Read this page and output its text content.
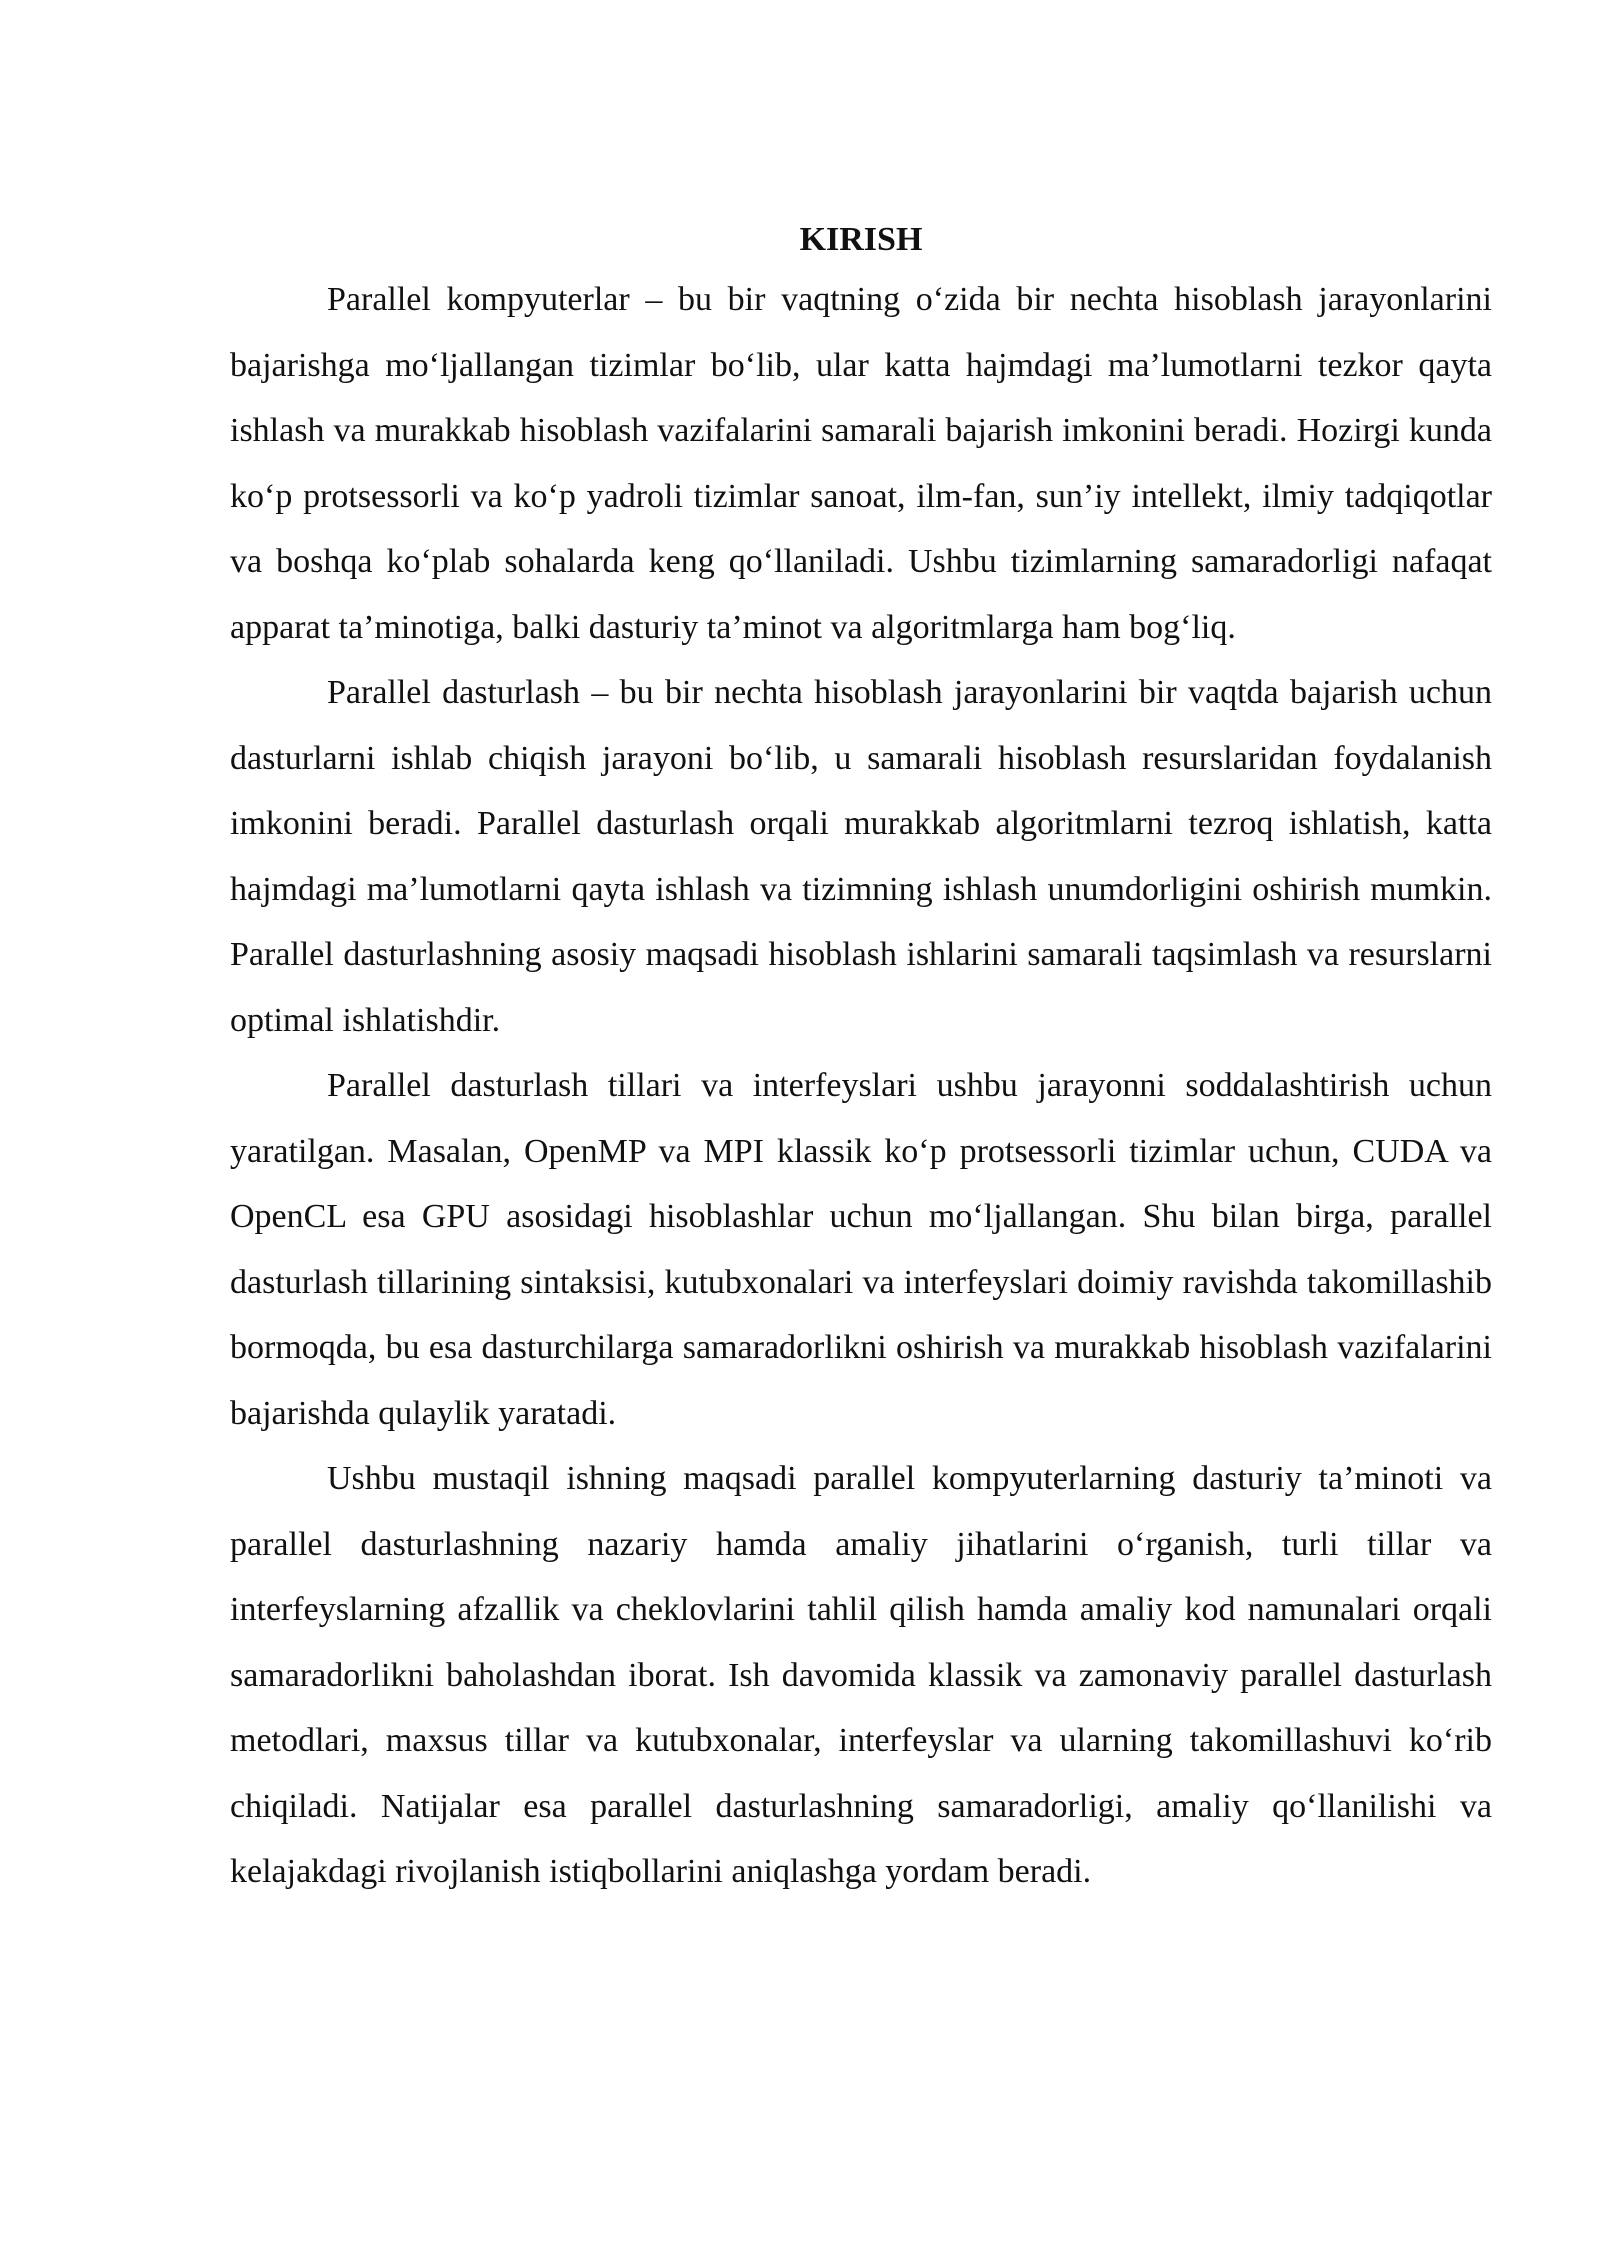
KIRISH

Parallel kompyuterlar – bu bir vaqtning o‘zida bir nechta hisoblash jarayonlarini bajarishga mo‘ljallangan tizimlar bo‘lib, ular katta hajmdagi ma’lumotlarni tezkor qayta ishlash va murakkab hisoblash vazifalarini samarali bajarish imkonini beradi. Hozirgi kunda ko‘p protsessorli va ko‘p yadroli tizimlar sanoat, ilm-fan, sun’iy intellekt, ilmiy tadqiqotlar va boshqa ko‘plab sohalarda keng qo‘llaniladi. Ushbu tizimlarning samaradorligi nafaqat apparat ta’minotiga, balki dasturiy ta’minot va algoritmlarga ham bog‘liq.

Parallel dasturlash – bu bir nechta hisoblash jarayonlarini bir vaqtda bajarish uchun dasturlarni ishlab chiqish jarayoni bo‘lib, u samarali hisoblash resurslaridan foydalanish imkonini beradi. Parallel dasturlash orqali murakkab algoritmlarni tezroq ishlatish, katta hajmdagi ma’lumotlarni qayta ishlash va tizimning ishlash unumdorligini oshirish mumkin. Parallel dasturlashning asosiy maqsadi hisoblash ishlarini samarali taqsimlash va resurslarni optimal ishlatishdir.

Parallel dasturlash tillari va interfeyslari ushbu jarayonni soddalashtirish uchun yaratilgan. Masalan, OpenMP va MPI klassik ko‘p protsessorli tizimlar uchun, CUDA va OpenCL esa GPU asosidagi hisoblashlar uchun mo‘ljallangan. Shu bilan birga, parallel dasturlash tillarining sintaksisi, kutubxonalari va interfeyslari doimiy ravishda takomillashib bormoqda, bu esa dasturchilarga samaradorlikni oshirish va murakkab hisoblash vazifalarini bajarishda qulaylik yaratadi.

Ushbu mustaqil ishning maqsadi parallel kompyuterlarning dasturiy ta’minoti va parallel dasturlashning nazariy hamda amaliy jihatlarini o‘rganish, turli tillar va interfeyslarning afzallik va cheklovlarini tahlil qilish hamda amaliy kod namunalari orqali samaradorlikni baholashdan iborat. Ish davomida klassik va zamonaviy parallel dasturlash metodlari, maxsus tillar va kutubxonalar, interfeyslar va ularning takomillashuvi ko‘rib chiqiladi. Natijalar esa parallel dasturlashning samaradorligi, amaliy qo‘llanilishi va kelajakdagi rivojlanish istiqbollarini aniqlashga yordam beradi.
